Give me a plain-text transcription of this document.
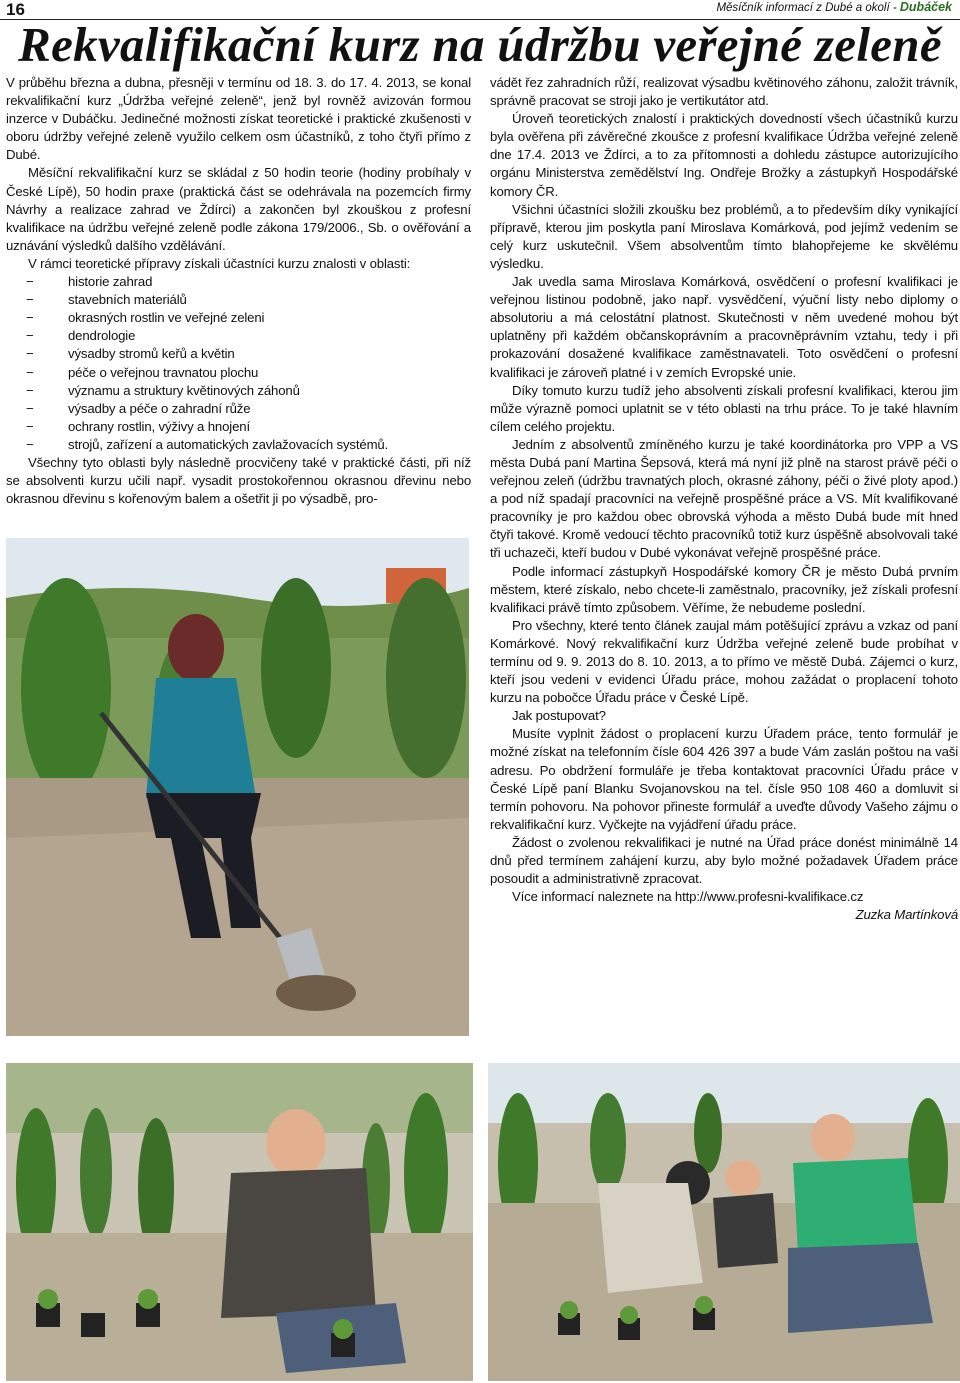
16	Měsíčník informací z Dubé a okolí - Dubáček
Rekvalifikační kurz na údržbu veřejné zeleně

V průběhu března a dubna, přesněji v termínu od 18. 3. do 17. 4. 2013, se konal rekvalifikační kurz „Údržba veřejné zeleně“, jenž byl rovněž avizován formou inzerce v Dubáčku. Jedinečné možnosti získat teoretické i praktické zkušenosti v oboru údržby veřejné zeleně využilo celkem osm účastníků, z toho čtyři přímo z Dubé.

Měsíční rekvalifikační kurz se skládal z 50 hodin teorie (hodiny probíhaly v České Lípě), 50 hodin praxe (praktická část se odehrávala na pozemcích firmy Návrhy a realizace zahrad ve Ždírci) a zakončen byl zkouškou z profesní kvalifikace na údržbu veřejné zeleně podle zákona 179/2006., Sb. o ověřování a uznávání výsledků dalšího vzdělávání.

V rámci teoretické přípravy získali účastníci kurzu znalosti v oblasti:

−	historie zahrad
−	stavebních materiálů
−	okrasných rostlin ve veřejné zeleni
−	dendrologie
−	výsadby stromů keřů a květin
−	péče o veřejnou travnatou plochu
−	významu a struktury květinových záhonů
−	výsadby a péče o zahradní růže
−	ochrany rostlin, výživy a hnojení
−	strojů, zařízení a automatických zavlažovacích systémů.

Všechny tyto oblasti byly následně procvičeny také v praktické části, při níž se absolventi kurzu učili např. vysadit prostokořennou okrasnou dřevinu nebo okrasnou dřevinu s kořenovým balem a ošetřit ji po výsadbě, pro-

vádět řez zahradních růží, realizovat výsadbu květinového záhonu, založit trávník, správně pracovat se stroji jako je vertikutátor atd.

Úroveň teoretických znalostí i praktických dovedností všech účastníků kurzu byla ověřena při závěrečné zkoušce z profesní kvalifikace Údržba veřejné zeleně dne 17.4. 2013 ve Ždírci, a to za přítomnosti a dohledu zástupce autorizujícího orgánu Ministerstva zemědělství Ing. Ondřeje Brožky a zástupkyň Hospodářské komory ČR.

Všichni účastníci složili zkoušku bez problémů, a to především díky vynikající přípravě, kterou jim poskytla paní Miroslava Komárková, pod jejímž vedením se celý kurz uskutečnil. Všem absolventům tímto blahopřejeme ke skvělému výsledku.

Jak uvedla sama Miroslava Komárková, osvědčení o profesní kvalifikaci je veřejnou listinou podobně, jako např. vysvědčení, výuční listy nebo diplomy o absolutoriu a má celostátní platnost. Skutečnosti v něm uvedené mohou být uplatněny při každém občanskoprávním a pracovněprávním vztahu, tedy i při prokazování dosažené kvalifikace zaměstnavateli. Toto osvědčení o profesní kvalifikaci je zároveň platné i v zemích Evropské unie.

Díky tomuto kurzu tudíž jeho absolventi získali profesní kvalifikaci, kterou jim může výrazně pomoci uplatnit se v této oblasti na trhu práce. To je také hlavním cílem celého projektu.

Jedním z absolventů zmíněného kurzu je také koordinátorka pro VPP a VS města Dubá paní Martina Šepsová, která má nyní již plně na starost právě péči o veřejnou zeleň (údržbu travnatých ploch, okrasné záhony, péči o živé ploty apod.) a pod níž spadají pracovníci na veřejně prospěšné práce a VS. Mít kvalifikované pracovníky je pro každou obec obrovská výhoda a město Dubá bude mít hned čtyři takové. Kromě vedoucí těchto pracovníků totiž kurz úspěšně absolvovali také tři uchazeči, kteří budou v Dubé vykonávat veřejně prospěšné práce.

Podle informací zástupkyň Hospodářské komory ČR je město Dubá prvním městem, které získalo, nebo chcete-li zaměstnalo, pracovníky, jež získali profesní kvalifikaci právě tímto způsobem. Věříme, že nebudeme poslední.

Pro všechny, které tento článek zaujal mám potěšující zprávu a vzkaz od paní Komárkové. Nový rekvalifikační kurz Údržba veřejné zeleně bude probíhat v termínu od 9. 9. 2013 do 8. 10. 2013, a to přímo ve městě Dubá. Zájemci o kurz, kteří jsou vedeni v evidenci Úřadu práce, mohou zažádat o proplacení tohoto kurzu na pobočce Úřadu práce v České Lípě.

Jak postupovat?

Musíte vyplnit žádost o proplacení kurzu Úřadem práce, tento formulář je možné získat na telefonním čísle 604 426 397 a bude Vám zaslán poštou na vaši adresu. Po obdržení formuláře je třeba kontaktovat pracovníci Úřadu práce v České Lípě paní Blanku Svojanovskou na tel. čísle 950 108 460 a domluvit si termín pohovoru. Na pohovor přineste formulář a uveďte důvody Vašeho zájmu o rekvalifikační kurz. Vyčkejte na vyjádření úřadu práce.

Žádost o zvolenou rekvalifikaci je nutné na Úřad práce donést minimálně 14 dnů před termínem zahájení kurzu, aby bylo možné požadavek Úřadem práce posoudit a administrativně zpracovat.

Více informací naleznete na http://www.profesni-kvalifikace.cz

Zuzka Martínková
